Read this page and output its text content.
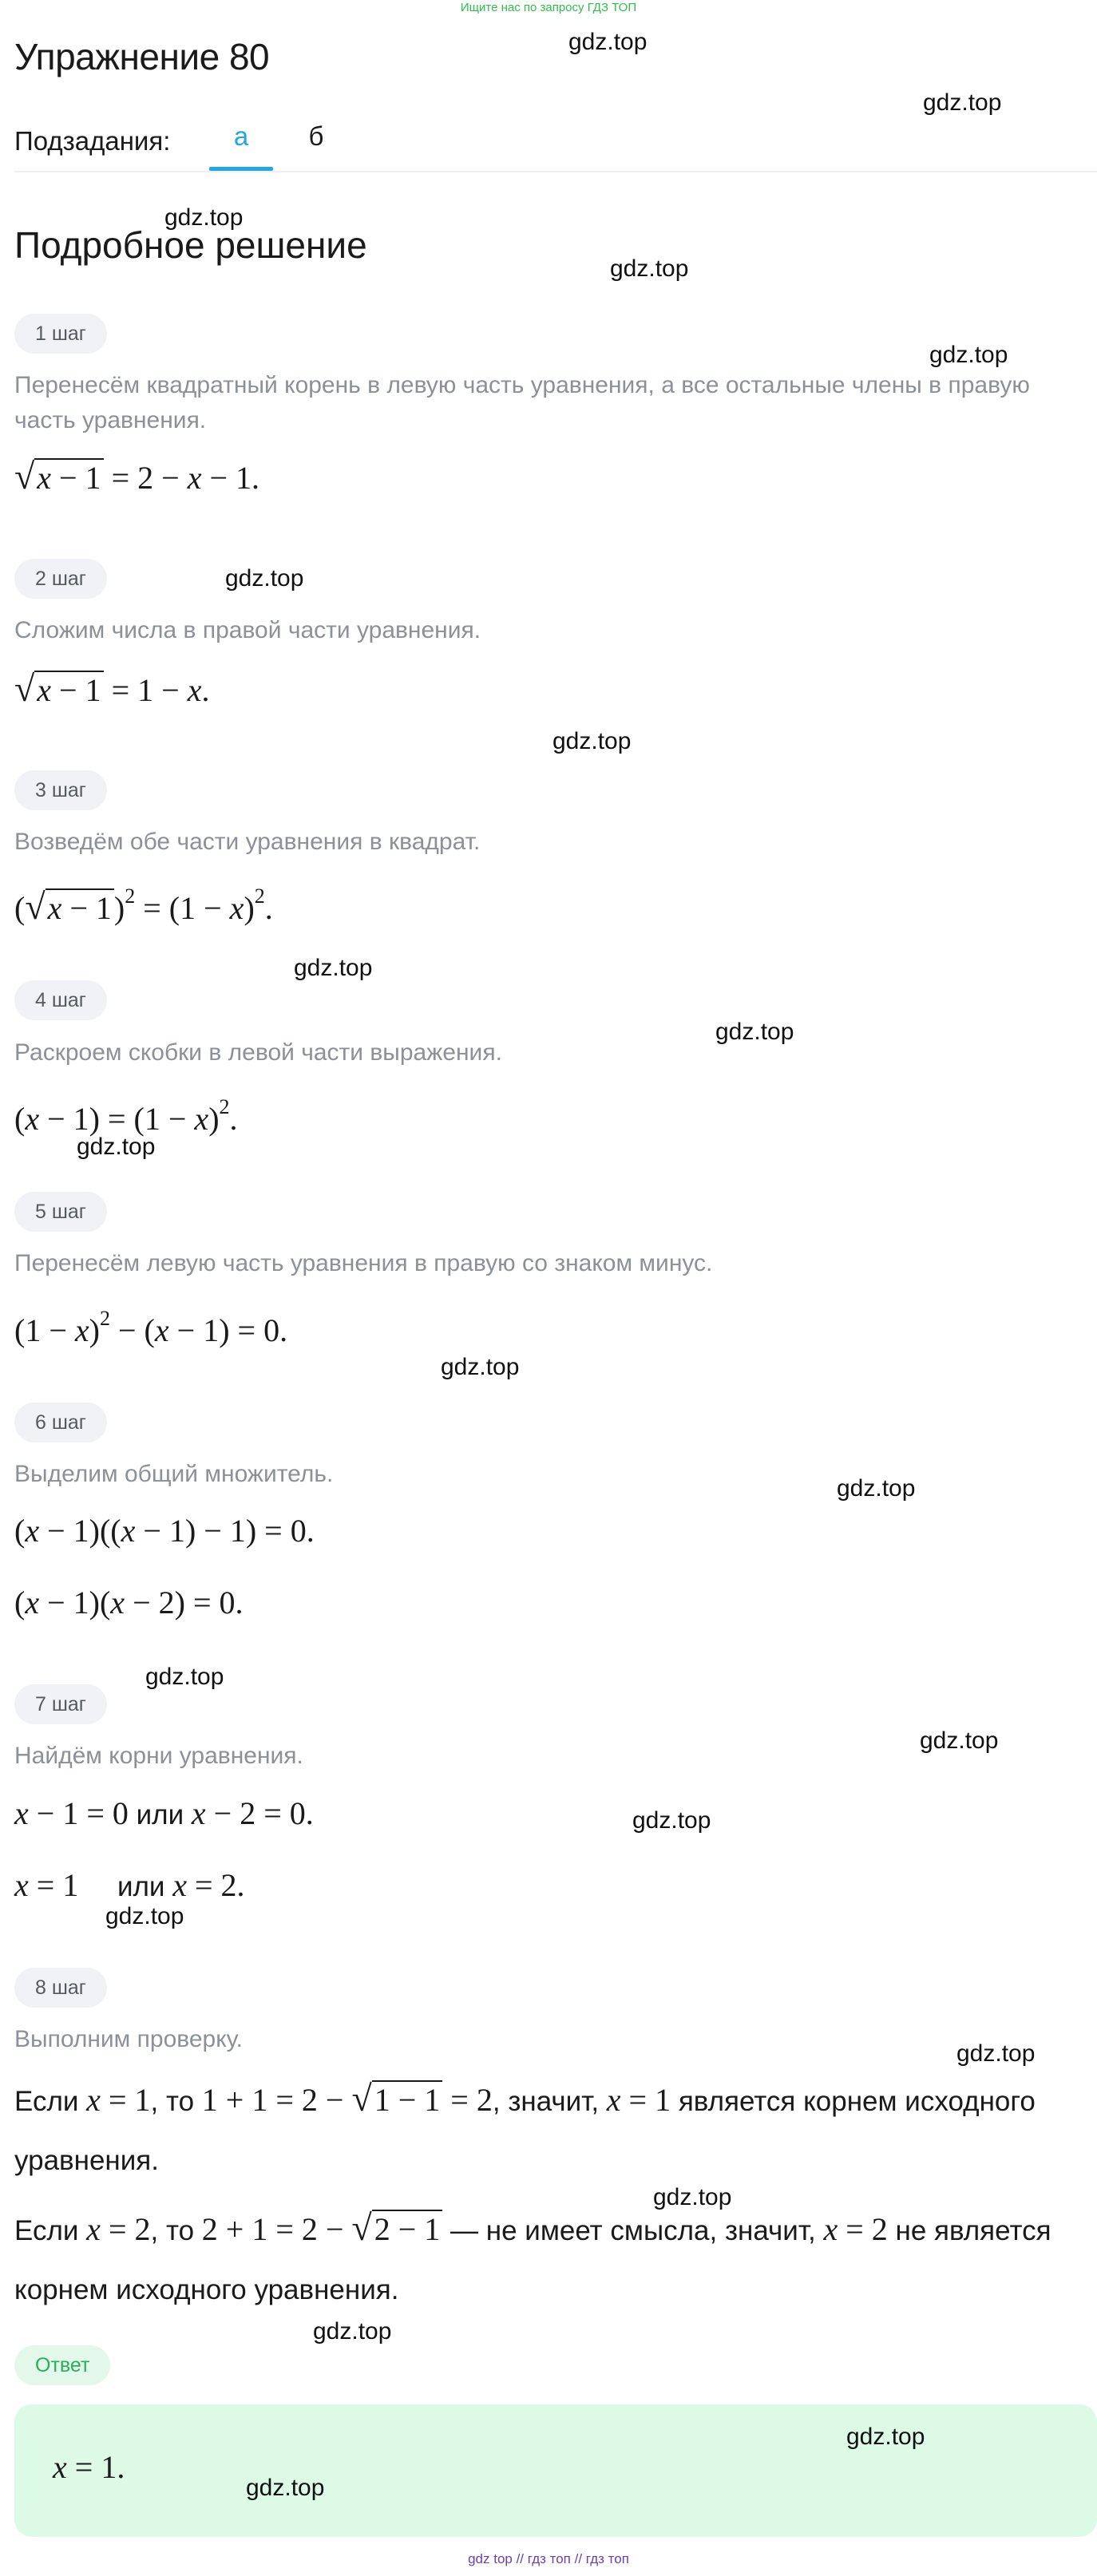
Ищите нас по запросу ГДЗ ТОП
Упражнение 80
Подзадания:	а	б
Подробное решение
1 шаг
Перенесём квадратный корень в левую часть уравнения, а все остальные члены в правую часть уравнения.
√x − 1 = 2 − x − 1.
2 шаг
Сложим числа в правой части уравнения.
√x − 1 = 1 − x.
3 шаг
Возведём обе части уравнения в квадрат.
$(√x - 1)^2 = (1 - x)^2$.
4 шаг
Раскроем скобки в левой части выражения.
$(x - 1) = (1 - x)^2$.
5 шаг
Перенесём левую часть уравнения в правую со знаком минус.
$(1 - x)^2 - (x - 1) = 0$.
6 шаг
Выделим общий множитель.
(x − 1)((x − 1) − 1) = 0.
(x − 1)(x − 2) = 0.
7 шаг
Найдём корни уравнения.
x − 1 = 0 или x − 2 = 0.
x = 1 или x = 2.
8 шаг
Выполним проверку.
Если x = 1, то 1 + 1 = 2 − √1 − 1 = 2, значит, x = 1 является корнем исходного уравнения.
Если x = 2, то 2 + 1 = 2 − √2 − 1 — не имеет смысла, значит, x = 2 не является корнем исходного уравнения.
Ответ
x = 1.
gdz.top
gdz.top
gdz.top
gdz.top
gdz.top
gdz.top
gdz.top
gdz.top
gdz.top
gdz.top
gdz.top
gdz.top
gdz.top
gdz.top
gdz.top
gdz.top
gdz.top
gdz.top
gdz.top
gdz.top
gdz.top
gdz top // гдз топ // гдз топ
